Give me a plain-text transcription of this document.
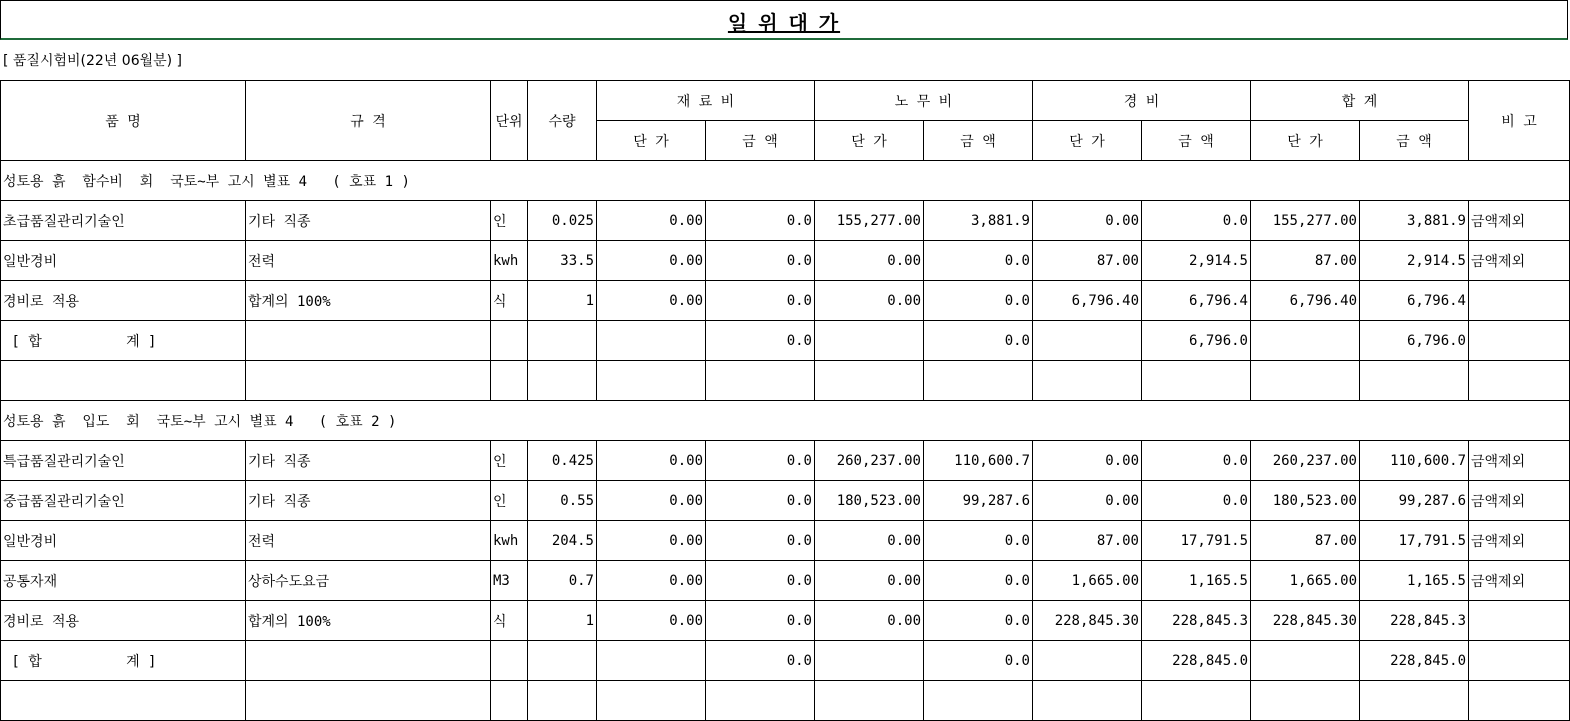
일 위 대 가
[ 품질시험비(22년 06월분) ]
품 명	규 격	단위	수량	재 료 비		노 무 비		경 비		합 계		비 고
				단 가	금 액	단 가	금 액	단 가	금 액	단 가	금 액	
성토용 흙  함수비  회  국토~부 고시 별표 4   ( 호표 1 )												
초급품질관리기술인	기타 직종	인	0.025	0.00	0.0	155,277.00	3,881.9	0.00	0.0	155,277.00	3,881.9	금액제외
일반경비	전력	kwh	33.5	0.00	0.0	0.00	0.0	87.00	2,914.5	87.00	2,914.5	금액제외
경비로 적용	합계의 100%	식	1	0.00	0.0	0.00	0.0	6,796.40	6,796.4	6,796.40	6,796.4	
[ 합          계 ]					0.0		0.0		6,796.0		6,796.0	

성토용 흙  입도  회  국토~부 고시 별표 4   ( 호표 2 )												
특급품질관리기술인	기타 직종	인	0.425	0.00	0.0	260,237.00	110,600.7	0.00	0.0	260,237.00	110,600.7	금액제외
중급품질관리기술인	기타 직종	인	0.55	0.00	0.0	180,523.00	99,287.6	0.00	0.0	180,523.00	99,287.6	금액제외
일반경비	전력	kwh	204.5	0.00	0.0	0.00	0.0	87.00	17,791.5	87.00	17,791.5	금액제외
공통자재	상하수도요금	M3	0.7	0.00	0.0	0.00	0.0	1,665.00	1,165.5	1,665.00	1,165.5	금액제외
경비로 적용	합계의 100%	식	1	0.00	0.0	0.00	0.0	228,845.30	228,845.3	228,845.30	228,845.3	
[ 합          계 ]					0.0		0.0		228,845.0		228,845.0	
